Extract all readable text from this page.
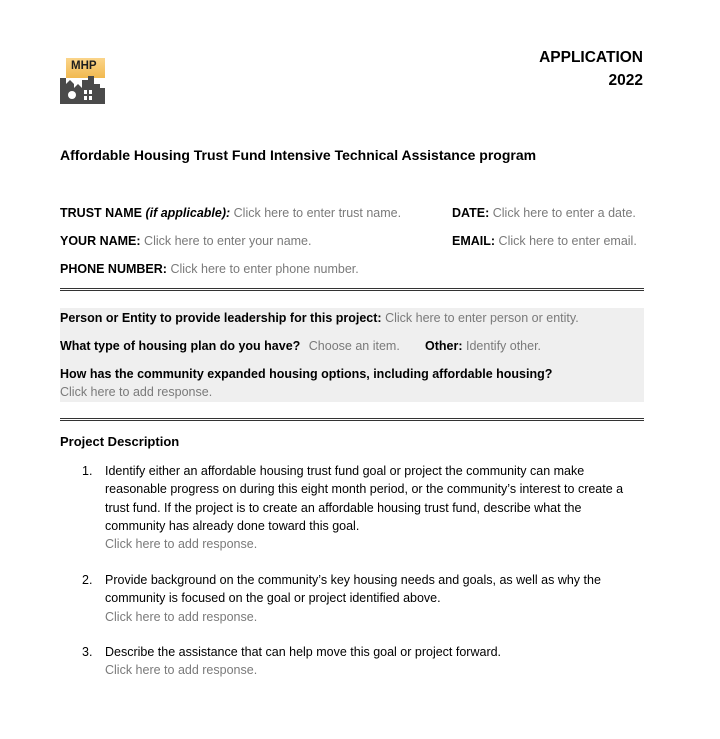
MHP	APPLICATION
2022
Affordable Housing Trust Fund Intensive Technical Assistance program
TRUST NAME (if applicable): Click here to enter trust name.	DATE: Click here to enter a date.
YOUR NAME: Click here to enter your name.	EMAIL: Click here to enter email.
PHONE NUMBER: Click here to enter phone number.
Person or Entity to provide leadership for this project: Click here to enter person or entity.
What type of housing plan do you have? Choose an item. Other: Identify other.
How has the community expanded housing options, including affordable housing?
Click here to add response.
Project Description
1. Identify either an affordable housing trust fund goal or project the community can make
reasonable progress on during this eight month period, or the community’s interest to create a
trust fund. If the project is to create an affordable housing trust fund, describe what the
community has already done toward this goal.
Click here to add response.
2. Provide background on the community’s key housing needs and goals, as well as why the
community is focused on the goal or project identified above.
Click here to add response.
3. Describe the assistance that can help move this goal or project forward.
Click here to add response.
